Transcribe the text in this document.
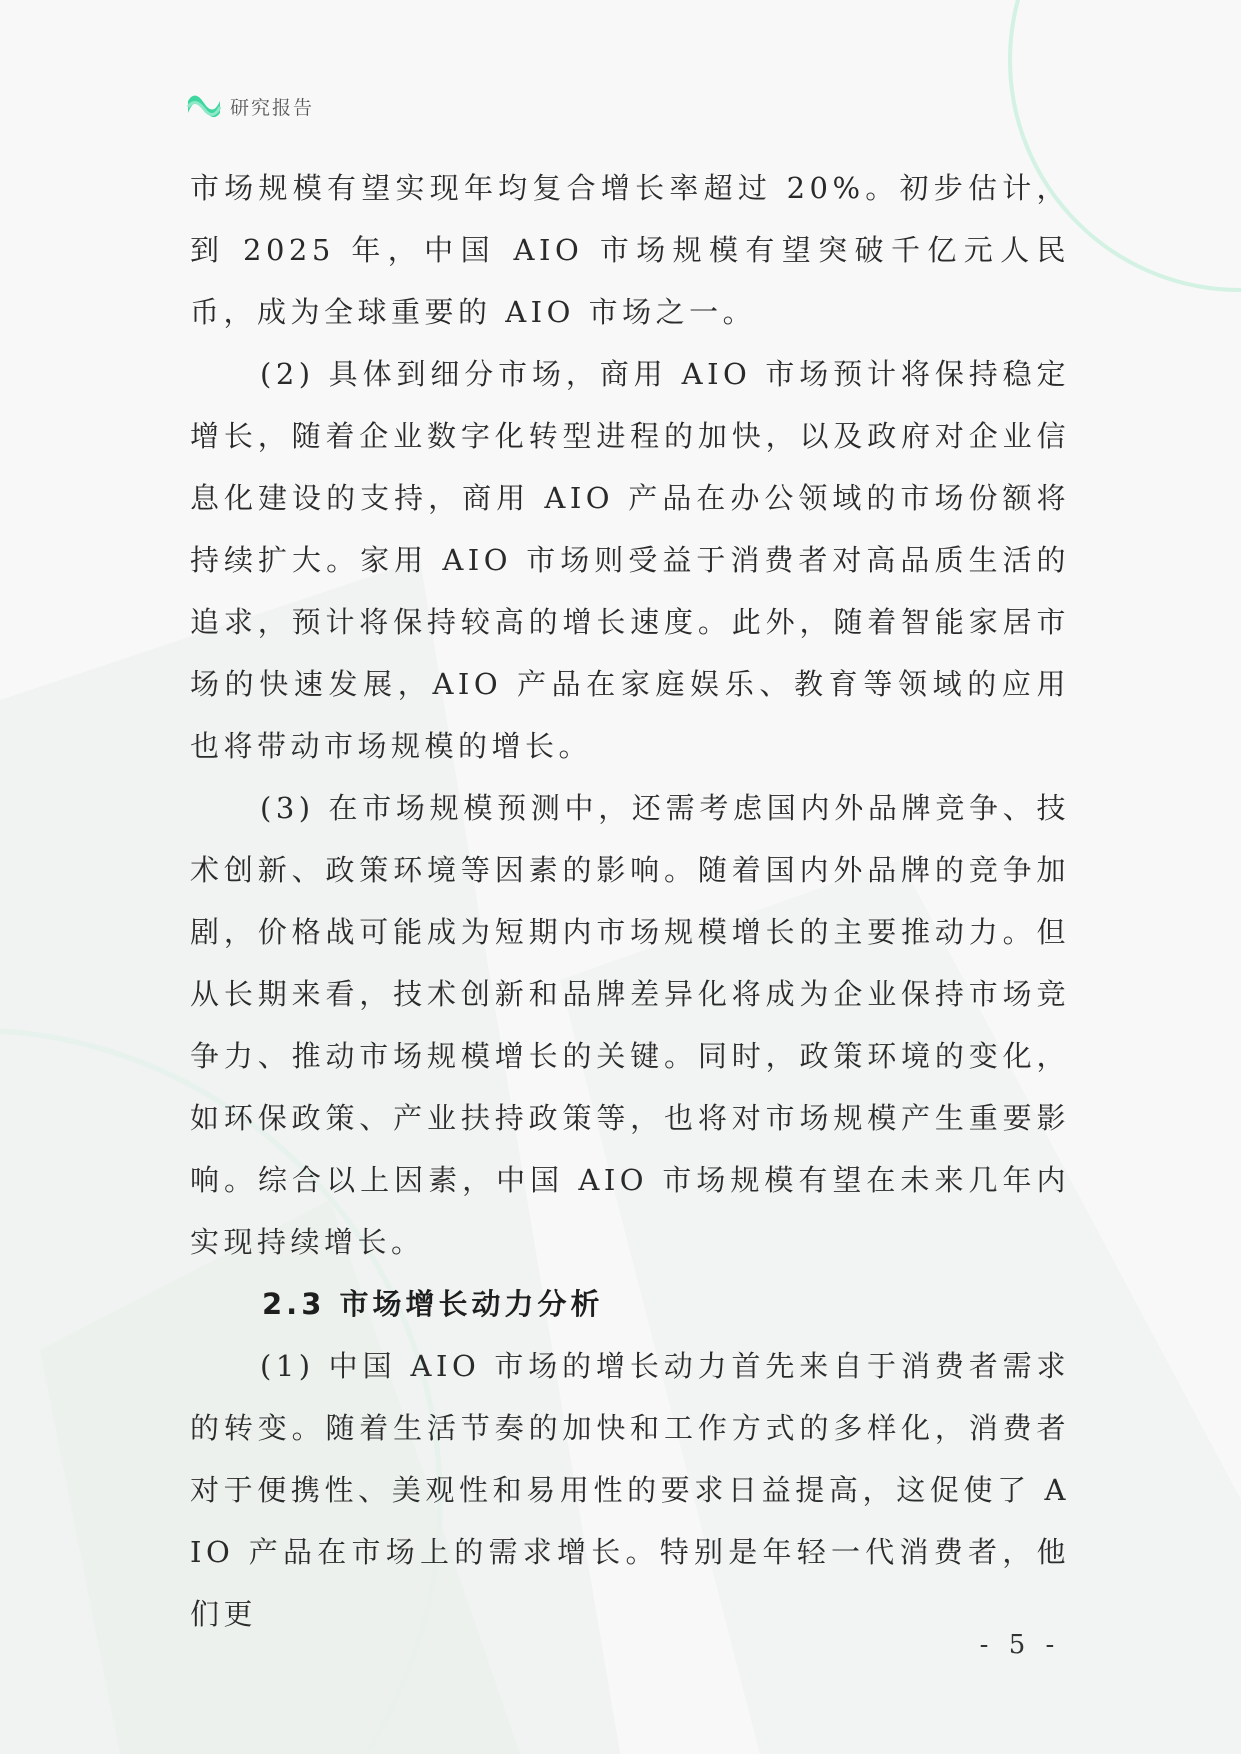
研究报告

市场规模有望实现年均复合增长率超过 20%。初步估计，到 2025 年，中国 AIO 市场规模有望突破千亿元人民币，成为全球重要的 AIO 市场之一。

(2) 具体到细分市场，商用 AIO 市场预计将保持稳定增长，随着企业数字化转型进程的加快，以及政府对企业信息化建设的支持，商用 AIO 产品在办公领域的市场份额将持续扩大。家用 AIO 市场则受益于消费者对高品质生活的追求，预计将保持较高的增长速度。此外，随着智能家居市场的快速发展，AIO 产品在家庭娱乐、教育等领域的应用也将带动市场规模的增长。

(3) 在市场规模预测中，还需考虑国内外品牌竞争、技术创新、政策环境等因素的影响。随着国内外品牌的竞争加剧，价格战可能成为短期内市场规模增长的主要推动力。但从长期来看，技术创新和品牌差异化将成为企业保持市场竞争力、推动市场规模增长的关键。同时，政策环境的变化，如环保政策、产业扶持政策等，也将对市场规模产生重要影响。综合以上因素，中国 AIO 市场规模有望在未来几年内实现持续增长。

2.3 市场增长动力分析

(1) 中国 AIO 市场的增长动力首先来自于消费者需求的转变。随着生活节奏的加快和工作方式的多样化，消费者对于便携性、美观性和易用性的要求日益提高，这促使了 AIO 产品在市场上的需求增长。特别是年轻一代消费者，他们更

- 5 -
